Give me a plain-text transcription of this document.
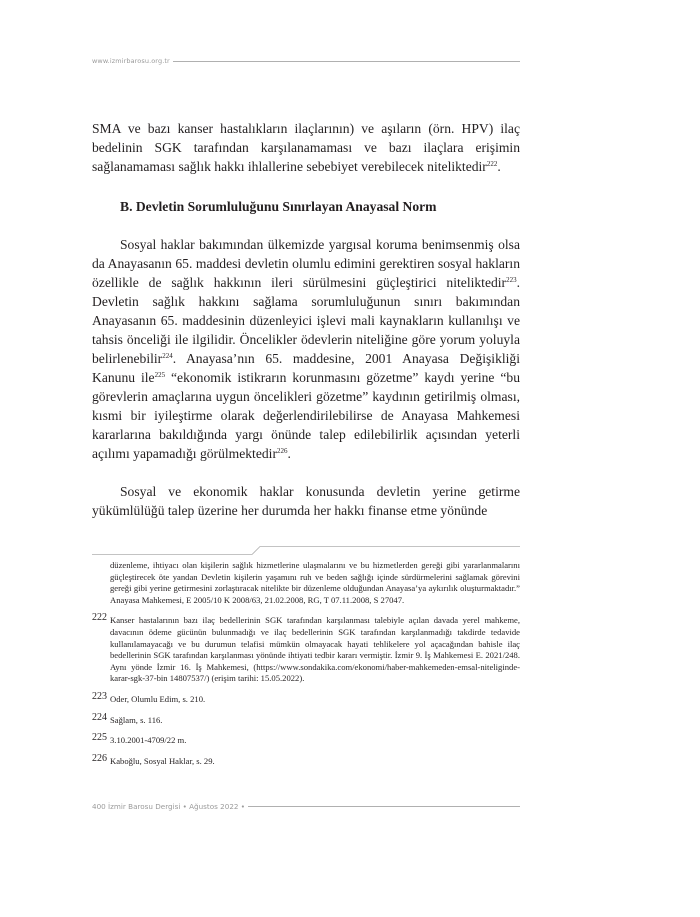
www.izmirbarosu.org.tr

SMA ve bazı kanser hastalıkların ilaçlarının) ve aşıların (örn. HPV) ilaç bedelinin SGK tarafından karşılanamaması ve bazı ilaçlara erişimin sağlanamaması sağlık hakkı ihlallerine sebebiyet verebilecek niteliktedir$^{222}$.

B. Devletin Sorumluluğunu Sınırlayan Anayasal Norm

Sosyal haklar bakımından ülkemizde yargısal koruma benimsenmiş olsa da Anayasanın 65. maddesi devletin olumlu edimini gerektiren sosyal hakların özellikle de sağlık hakkının ileri sürülmesini güçleştirici niteliktedir$^{223}$. Devletin sağlık hakkını sağlama sorumluluğunun sınırı bakımından Anayasanın 65. maddesinin düzenleyici işlevi mali kaynakların kullanılışı ve tahsis önceliği ile ilgilidir. Öncelikler ödevlerin niteliğine göre yorum yoluyla belirlenebilir$^{224}$. Anayasa’nın 65. maddesine, 2001 Anayasa Değişikliği Kanunu ile$^{225}$ “ekonomik istikrarın korunmasını gözetme” kaydı yerine “bu görevlerin amaçlarına uygun öncelikleri gözetme” kaydının getirilmiş olması, kısmi bir iyileştirme olarak değerlendirilebilirse de Anayasa Mahkemesi kararlarına bakıldığında yargı önünde talep edilebilirlik açısından yeterli açılımı yapamadığı görülmektedir$^{226}$.

Sosyal ve ekonomik haklar konusunda devletin yerine getirme yükümlülüğü talep üzerine her durumda her hakkı finanse etme yönünde

düzenleme, ihtiyacı olan kişilerin sağlık hizmetlerine ulaşmalarını ve bu hizmetlerden gereği gibi yararlanmalarını güçleştirecek öte yandan Devletin kişilerin yaşamını ruh ve beden sağlığı içinde sürdürmelerini sağlamak görevini gereği gibi yerine getirmesini zorlaştıracak nitelikte bir düzenleme olduğundan Anayasa’ya aykırılık oluşturmaktadır.” Anayasa Mahkemesi, E 2005/10 K 2008/63, 21.02.2008, RG, T 07.11.2008, S 27047.

222 Kanser hastalarının bazı ilaç bedellerinin SGK tarafından karşılanması talebiyle açılan davada yerel mahkeme, davacının ödeme gücünün bulunmadığı ve ilaç bedellerinin SGK tarafından karşılanmadığı takdirde tedavide kullanılamayacağı ve bu durumun telafisi mümkün olmayacak hayati tehlikelere yol açacağından bahisle ilaç bedellerinin SGK tarafından karşılanması yönünde ihtiyati tedbir kararı vermiştir. İzmir 9. İş Mahkemesi E. 2021/248. Aynı yönde İzmir 16. İş Mahkemesi, (https://www.sondakika.com/ekonomi/haber-mahkemeden-emsal-niteliginde-karar-sgk-37-bin 14807537/) (erişim tarihi: 15.05.2022).
223 Oder, Olumlu Edim, s. 210.
224 Sağlam, s. 116.
225 3.10.2001-4709/22 m.
226 Kaboğlu, Sosyal Haklar, s. 29.
400 İzmir Barosu Dergisi • Ağustos 2022 •
